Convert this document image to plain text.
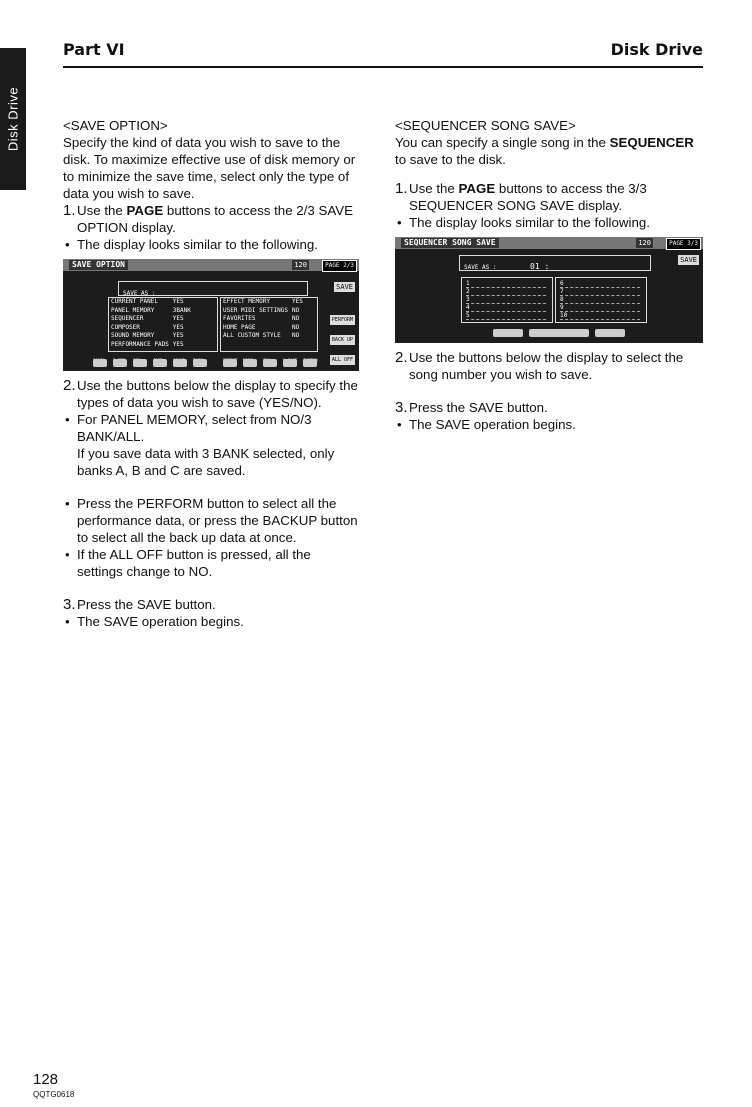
Disk Drive
Part VI	Disk Drive

<SAVE OPTION>

Specify the kind of data you wish to save to the disk. To maximize effective use of disk memory or to minimize the save time, select only the type of data you wish to save.

1. Use the PAGE buttons to access the 2/3 SAVE OPTION display.

• The display looks similar to the following.

SAVE OPTION	120	PAGE 2/3
SAVE AS :
SAVE
CURRENT PANEL	YES
PANEL MEMORY	3BANK
SEQUENCER	YES
COMPOSER	YES
SOUND MEMORY	YES
PERFORMANCE PADS	YES
EFFECT MEMORY	YES
USER MIDI SETTINGS	NO
FAVORITES	NO
HOME PAGE	NO
ALL CUSTOM STYLE	NO
PERFORM
BACK UP
ALL OFF

2. Use the buttons below the display to specify the types of data you wish to save (YES/NO).

• For PANEL MEMORY, select from NO/3 BANK/ALL.

If you save data with 3 BANK selected, only banks A, B and C are saved.

• Press the PERFORM button to select all the performance data, or press the BACKUP button to select all the back up data at once.

• If the ALL OFF button is pressed, all the settings change to NO.

3. Press the SAVE button.

• The SAVE operation begins.

<SEQUENCER SONG SAVE>

You can specify a single song in the SEQUENCER to save to the disk.

1. Use the PAGE buttons to access the 3/3 SEQUENCER SONG SAVE display.

• The display looks similar to the following.

SEQUENCER SONG SAVE	120	PAGE 3/3
SAVE AS :	01 :
SAVE
1
2
3
4
5
6
7
8
9
10

2. Use the buttons below the display to select the song number you wish to save.

3. Press the SAVE button.

• The SAVE operation begins.

128
QQTG0618
